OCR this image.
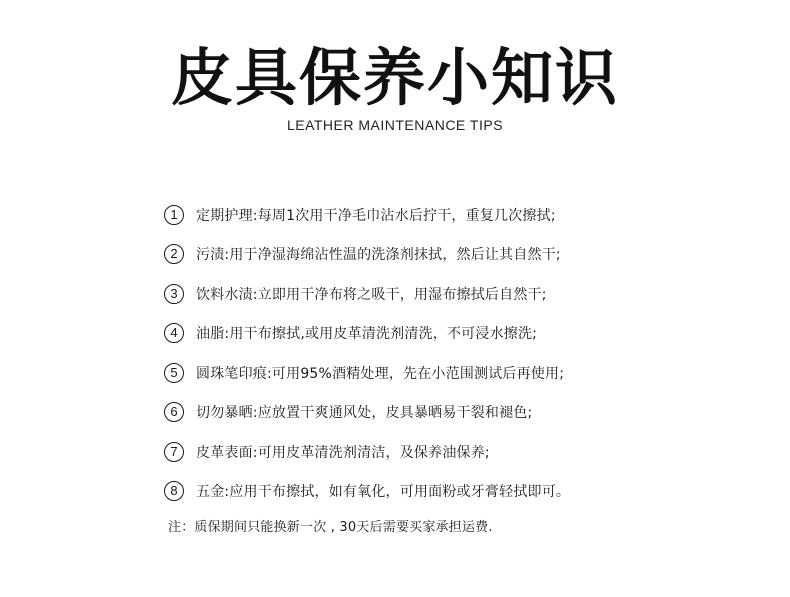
皮具保养小知识
LEATHER MAINTENANCE TIPS
1	定期护理:每周1次用干净毛巾沾水后拧干，重复几次擦拭;
2	污渍:用于净湿海绵沾性温的洗涤剂抹拭，然后让其自然干;
3	饮料水渍:立即用干净布将之吸干，用湿布擦拭后自然干;
4	油脂:用干布擦拭,或用皮革清洗剂清洗，不可浸水擦洗;
5	圆珠笔印痕:可用95%酒精处理，先在小范围测试后再使用;
6	切勿暴晒:应放置干爽通风处，皮具暴晒易干裂和褪色;
7	皮革表面:可用皮革清洗剂清洁，及保养油保养;
8	五金:应用干布擦拭，如有氧化，可用面粉或牙膏轻拭即可。
注：质保期间只能换新一次 , 30天后需要买家承担运费.
